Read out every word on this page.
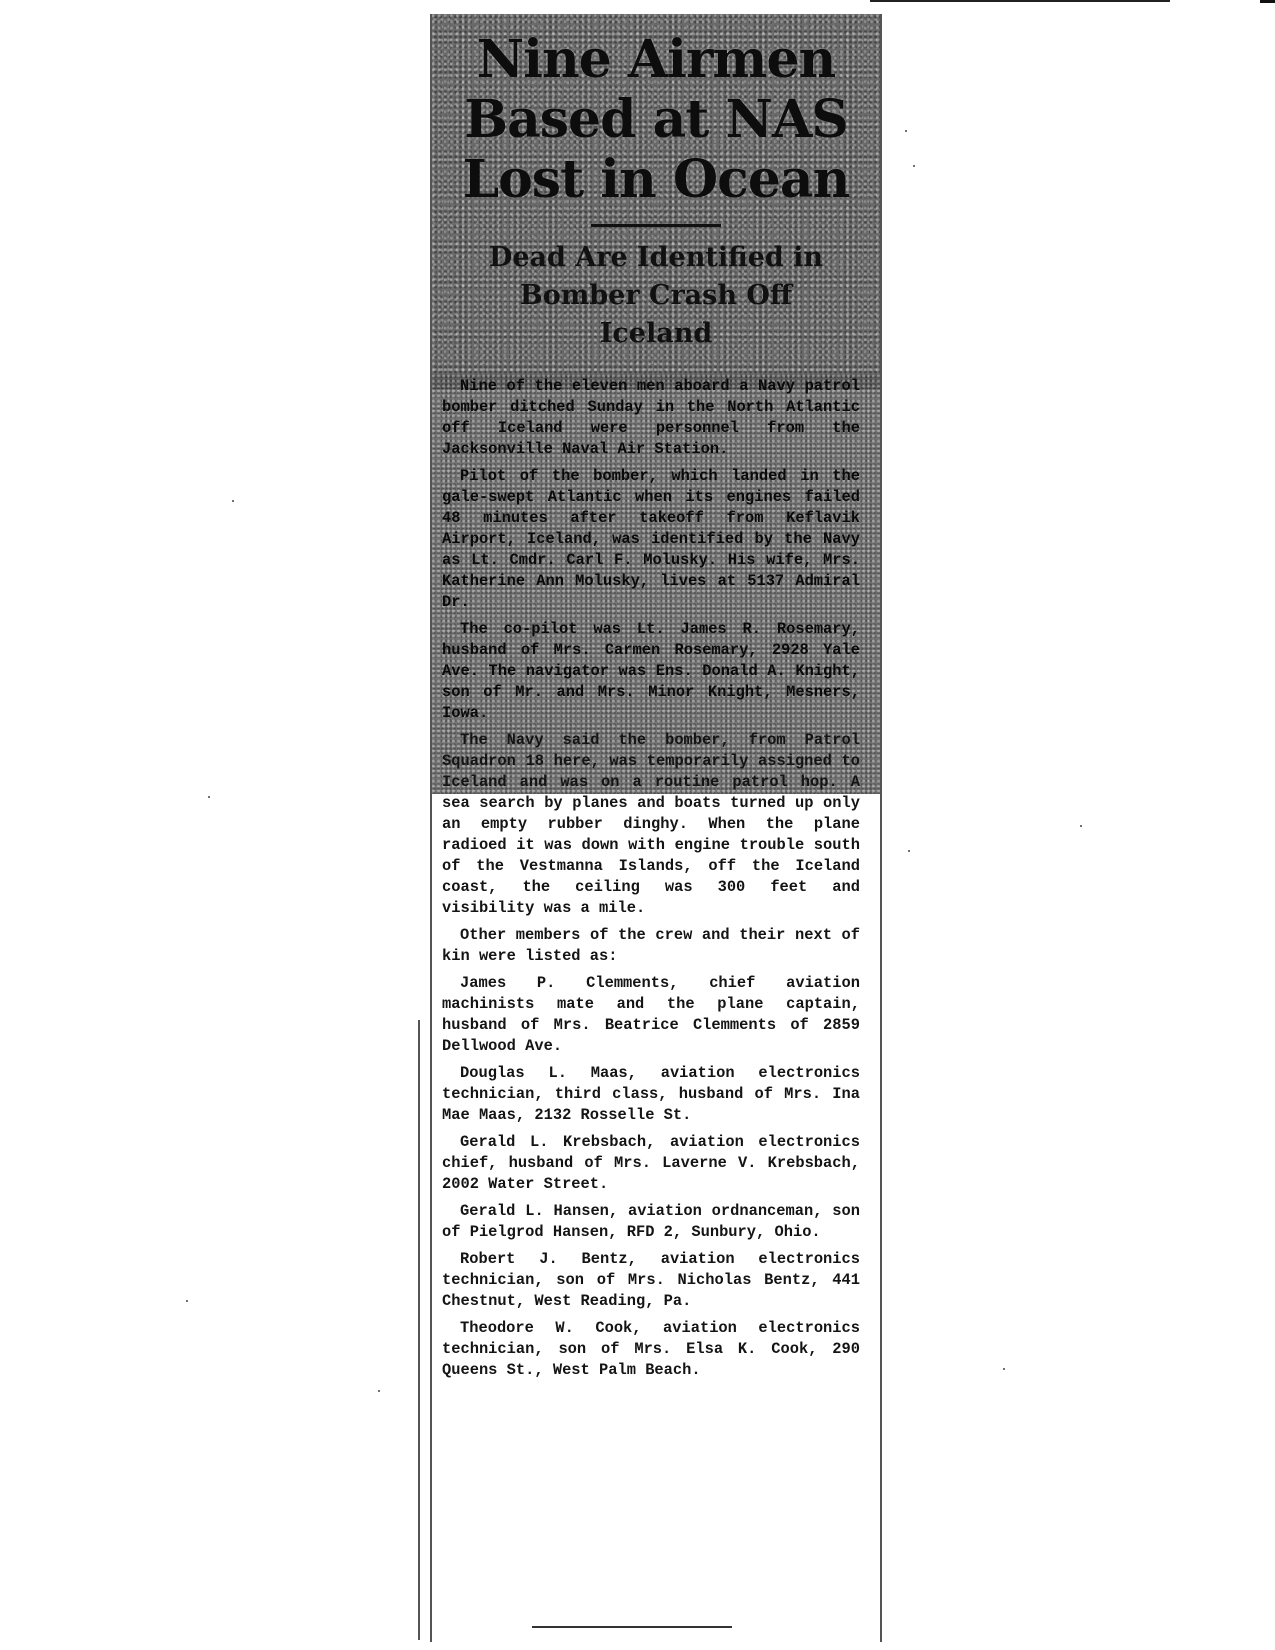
Nine Airmen
Based at NAS
Lost in Ocean
Dead Are Identified in
Bomber Crash Off
Iceland

Nine of the eleven men aboard a Navy patrol bomber ditched Sunday in the North Atlantic off Iceland were personnel from the Jacksonville Naval Air Station.

Pilot of the bomber, which landed in the gale-swept Atlantic when its engines failed 48 minutes after takeoff from Keflavik Airport, Iceland, was identified by the Navy as Lt. Cmdr. Carl F. Molusky. His wife, Mrs. Katherine Ann Molusky, lives at 5137 Admiral Dr.

The co-pilot was Lt. James R. Rosemary, husband of Mrs. Carmen Rosemary, 2928 Yale Ave. The navigator was Ens. Donald A. Knight, son of Mr. and Mrs. Minor Knight, Mesners, Iowa.

The Navy said the bomber, from Patrol Squadron 18 here, was temporarily assigned to Iceland and was on a routine patrol hop. A sea search by planes and boats turned up only an empty rubber dinghy. When the plane radioed it was down with engine trouble south of the Vestmanna Islands, off the Iceland coast, the ceiling was 300 feet and visibility was a mile.

Other members of the crew and their next of kin were listed as:

James P. Clemments, chief aviation machinists mate and the plane captain, husband of Mrs. Beatrice Clemments of 2859 Dellwood Ave.

Douglas L. Maas, aviation electronics technician, third class, husband of Mrs. Ina Mae Maas, 2132 Rosselle St.

Gerald L. Krebsbach, aviation electronics chief, husband of Mrs. Laverne V. Krebsbach, 2002 Water Street.

Gerald L. Hansen, aviation ordnanceman, son of Pielgrod Hansen, RFD 2, Sunbury, Ohio.

Robert J. Bentz, aviation electronics technician, son of Mrs. Nicholas Bentz, 441 Chestnut, West Reading, Pa.

Theodore W. Cook, aviation electronics technician, son of Mrs. Elsa K. Cook, 290 Queens St., West Palm Beach.
